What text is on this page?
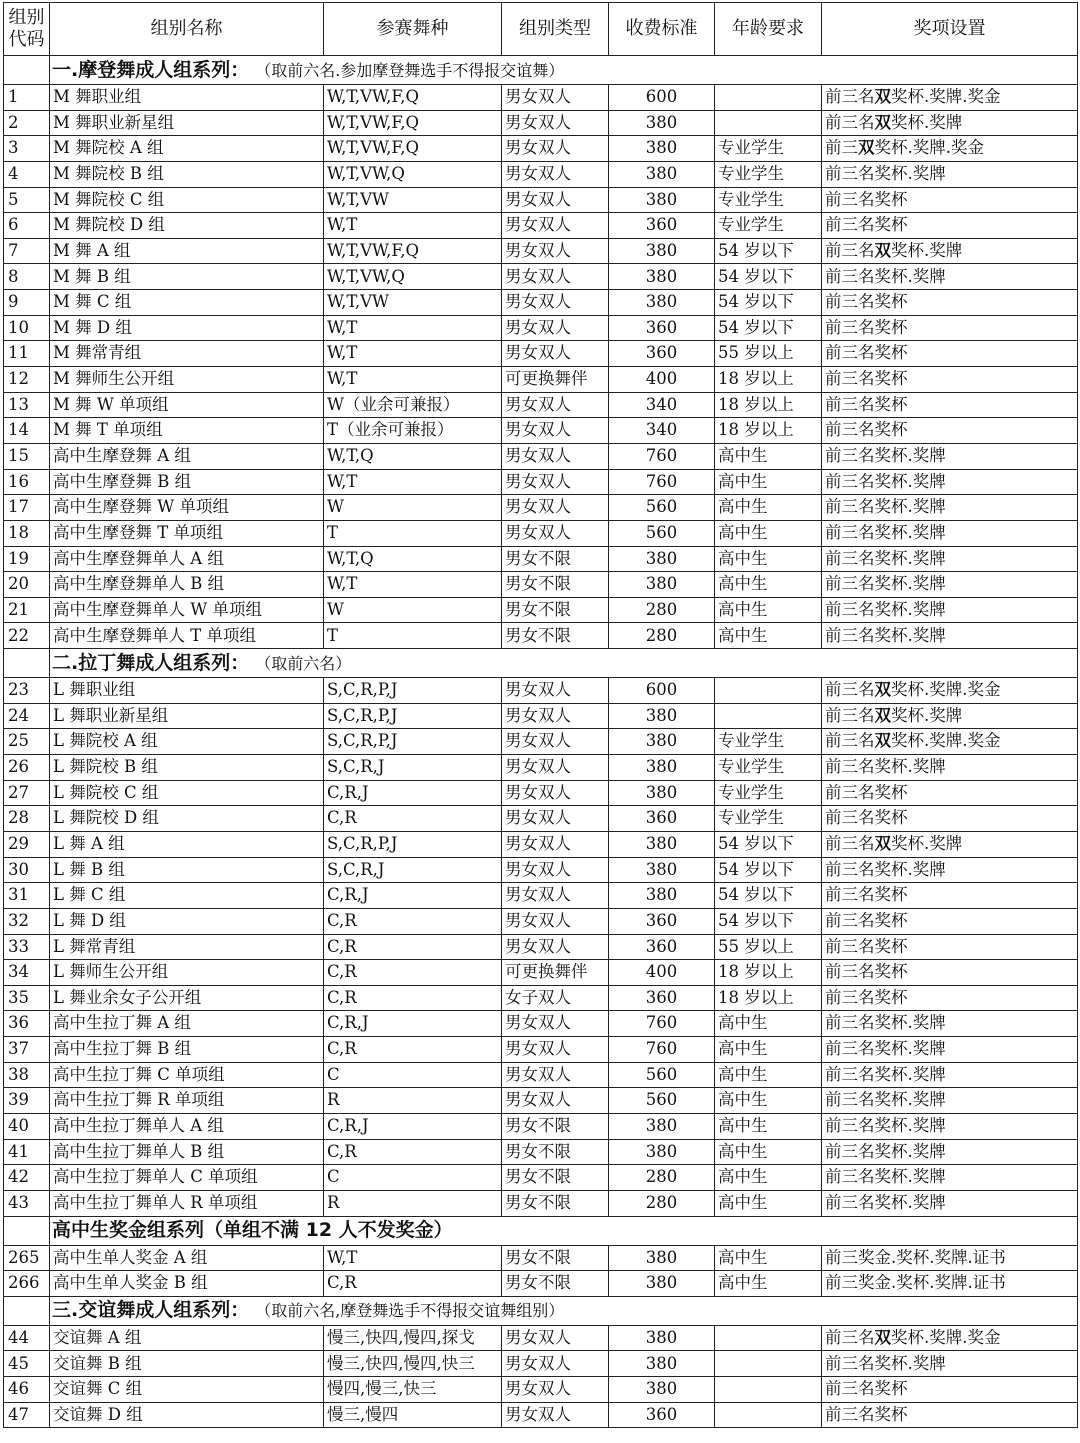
组别代码	组别名称	参赛舞种	组别类型	收费标准	年龄要求	奖项设置
	一.摩登舞成人组系列： （取前六名.参加摩登舞选手不得报交谊舞）					
1	M 舞职业组	W,T,VW,F,Q	男女双人	600		前三名双奖杯.奖牌.奖金
2	M 舞职业新星组	W,T,VW,F,Q	男女双人	380		前三名双奖杯.奖牌
3	M 舞院校 A 组	W,T,VW,F,Q	男女双人	380	专业学生	前三双奖杯.奖牌.奖金
4	M 舞院校 B 组	W,T,VW,Q	男女双人	380	专业学生	前三名奖杯.奖牌
5	M 舞院校 C 组	W,T,VW	男女双人	380	专业学生	前三名奖杯
6	M 舞院校 D 组	W,T	男女双人	360	专业学生	前三名奖杯
7	M 舞 A 组	W,T,VW,F,Q	男女双人	380	54 岁以下	前三名双奖杯.奖牌
8	M 舞 B 组	W,T,VW,Q	男女双人	380	54 岁以下	前三名奖杯.奖牌
9	M 舞 C 组	W,T,VW	男女双人	380	54 岁以下	前三名奖杯
10	M 舞 D 组	W,T	男女双人	360	54 岁以下	前三名奖杯
11	M 舞常青组	W,T	男女双人	360	55 岁以上	前三名奖杯
12	M 舞师生公开组	W,T	可更换舞伴	400	18 岁以上	前三名奖杯
13	M 舞 W 单项组	W（业余可兼报）	男女双人	340	18 岁以上	前三名奖杯
14	M 舞 T 单项组	T（业余可兼报）	男女双人	340	18 岁以上	前三名奖杯
15	高中生摩登舞 A 组	W,T,Q	男女双人	760	高中生	前三名奖杯.奖牌
16	高中生摩登舞 B 组	W,T	男女双人	760	高中生	前三名奖杯.奖牌
17	高中生摩登舞 W 单项组	W	男女双人	560	高中生	前三名奖杯.奖牌
18	高中生摩登舞 T 单项组	T	男女双人	560	高中生	前三名奖杯.奖牌
19	高中生摩登舞单人 A 组	W,T,Q	男女不限	380	高中生	前三名奖杯.奖牌
20	高中生摩登舞单人 B 组	W,T	男女不限	380	高中生	前三名奖杯.奖牌
21	高中生摩登舞单人 W 单项组	W	男女不限	280	高中生	前三名奖杯.奖牌
22	高中生摩登舞单人 T 单项组	T	男女不限	280	高中生	前三名奖杯.奖牌
	二.拉丁舞成人组系列： （取前六名）					
23	L 舞职业组	S,C,R,P,J	男女双人	600		前三名双奖杯.奖牌.奖金
24	L 舞职业新星组	S,C,R,P,J	男女双人	380		前三名双奖杯.奖牌
25	L 舞院校 A 组	S,C,R,P,J	男女双人	380	专业学生	前三名双奖杯.奖牌.奖金
26	L 舞院校 B 组	S,C,R,J	男女双人	380	专业学生	前三名奖杯.奖牌
27	L 舞院校 C 组	C,R,J	男女双人	380	专业学生	前三名奖杯
28	L 舞院校 D 组	C,R	男女双人	360	专业学生	前三名奖杯
29	L 舞 A 组	S,C,R,P,J	男女双人	380	54 岁以下	前三名双奖杯.奖牌
30	L 舞 B 组	S,C,R,J	男女双人	380	54 岁以下	前三名奖杯.奖牌
31	L 舞 C 组	C,R,J	男女双人	380	54 岁以下	前三名奖杯
32	L 舞 D 组	C,R	男女双人	360	54 岁以下	前三名奖杯
33	L 舞常青组	C,R	男女双人	360	55 岁以上	前三名奖杯
34	L 舞师生公开组	C,R	可更换舞伴	400	18 岁以上	前三名奖杯
35	L 舞业余女子公开组	C,R	女子双人	360	18 岁以上	前三名奖杯
36	高中生拉丁舞 A 组	C,R,J	男女双人	760	高中生	前三名奖杯.奖牌
37	高中生拉丁舞 B 组	C,R	男女双人	760	高中生	前三名奖杯.奖牌
38	高中生拉丁舞 C 单项组	C	男女双人	560	高中生	前三名奖杯.奖牌
39	高中生拉丁舞 R 单项组	R	男女双人	560	高中生	前三名奖杯.奖牌
40	高中生拉丁舞单人 A 组	C,R,J	男女不限	380	高中生	前三名奖杯.奖牌
41	高中生拉丁舞单人 B 组	C,R	男女不限	380	高中生	前三名奖杯.奖牌
42	高中生拉丁舞单人 C 单项组	C	男女不限	280	高中生	前三名奖杯.奖牌
43	高中生拉丁舞单人 R 单项组	R	男女不限	280	高中生	前三名奖杯.奖牌
	高中生奖金组系列（单组不满 12 人不发奖金）					
265	高中生单人奖金 A 组	W,T	男女不限	380	高中生	前三奖金.奖杯.奖牌.证书
266	高中生单人奖金 B 组	C,R	男女不限	380	高中生	前三奖金.奖杯.奖牌.证书
	三.交谊舞成人组系列： （取前六名,摩登舞选手不得报交谊舞组别）					
44	交谊舞 A 组	慢三,快四,慢四,探戈	男女双人	380		前三名双奖杯.奖牌.奖金
45	交谊舞 B 组	慢三,快四,慢四,快三	男女双人	380		前三名奖杯.奖牌
46	交谊舞 C 组	慢四,慢三,快三	男女双人	380		前三名奖杯
47	交谊舞 D 组	慢三,慢四	男女双人	360		前三名奖杯
